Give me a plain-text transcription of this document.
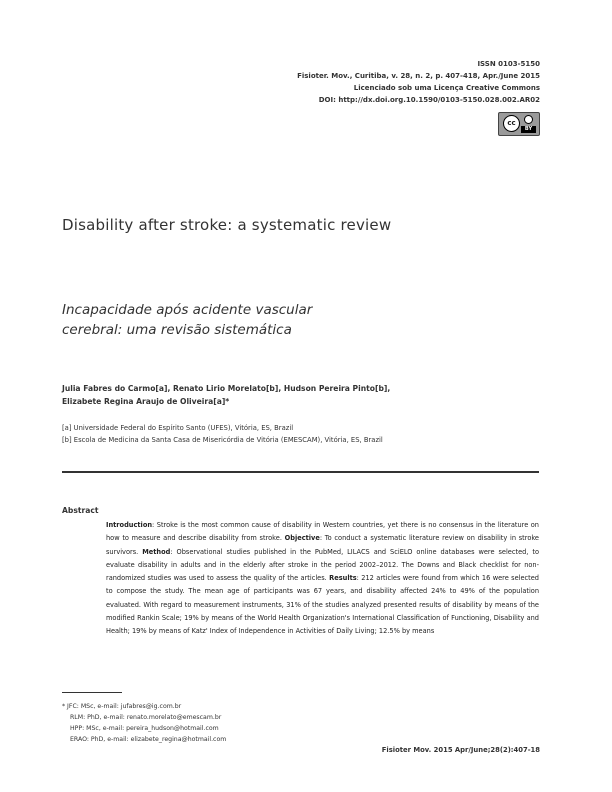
ISSN 0103-5150
Fisioter. Mov., Curitiba, v. 28, n. 2, p. 407-418, Apr./June 2015
Licenciado sob uma Licença Creative Commons
DOI: http://dx.doi.org.10.1590/0103-5150.028.002.AR02
cc
BY
Disability after stroke: a systematic review
Incapacidade após acidente vascular
cerebral: uma revisão sistemática
Julia Fabres do Carmo[a], Renato Lirio Morelato[b], Hudson Pereira Pinto[b],
Elizabete Regina Araujo de Oliveira[a]*
[a] Universidade Federal do Espírito Santo (UFES), Vitória, ES, Brazil
[b] Escola de Medicina da Santa Casa de Misericórdia de Vitória (EMESCAM), Vitória, ES, Brazil
Abstract

Introduction: Stroke is the most common cause of disability in Western countries, yet there is no consensus in the literature on how to measure and describe disability from stroke. Objective: To conduct a systematic literature review on disability in stroke survivors. Method: Observational studies published in the PubMed, LILACS and SciELO online databases were selected, to evaluate disability in adults and in the elderly after stroke in the period 2002–2012. The Downs and Black checklist for non-randomized studies was used to assess the quality of the articles. Results: 212 articles were found from which 16 were selected to compose the study. The mean age of participants was 67 years, and disability affected 24% to 49% of the population evaluated. With regard to measurement instruments, 31% of the studies analyzed presented results of disability by means of the modified Rankin Scale; 19% by means of the World Health Organization's International Classification of Functioning, Disability and Health; 19% by means of Katz' Index of Independence in Activities of Daily Living; 12.5% by means

* JFC: MSc, e-mail: jufabres@ig.com.br
RLM: PhD, e-mail: renato.morelato@emescam.br
HPP: MSc, e-mail: pereira_hudson@hotmail.com
ERAO: PhD, e-mail: elizabete_regina@hotmail.com
Fisioter Mov. 2015 Apr/June;28(2):407-18
